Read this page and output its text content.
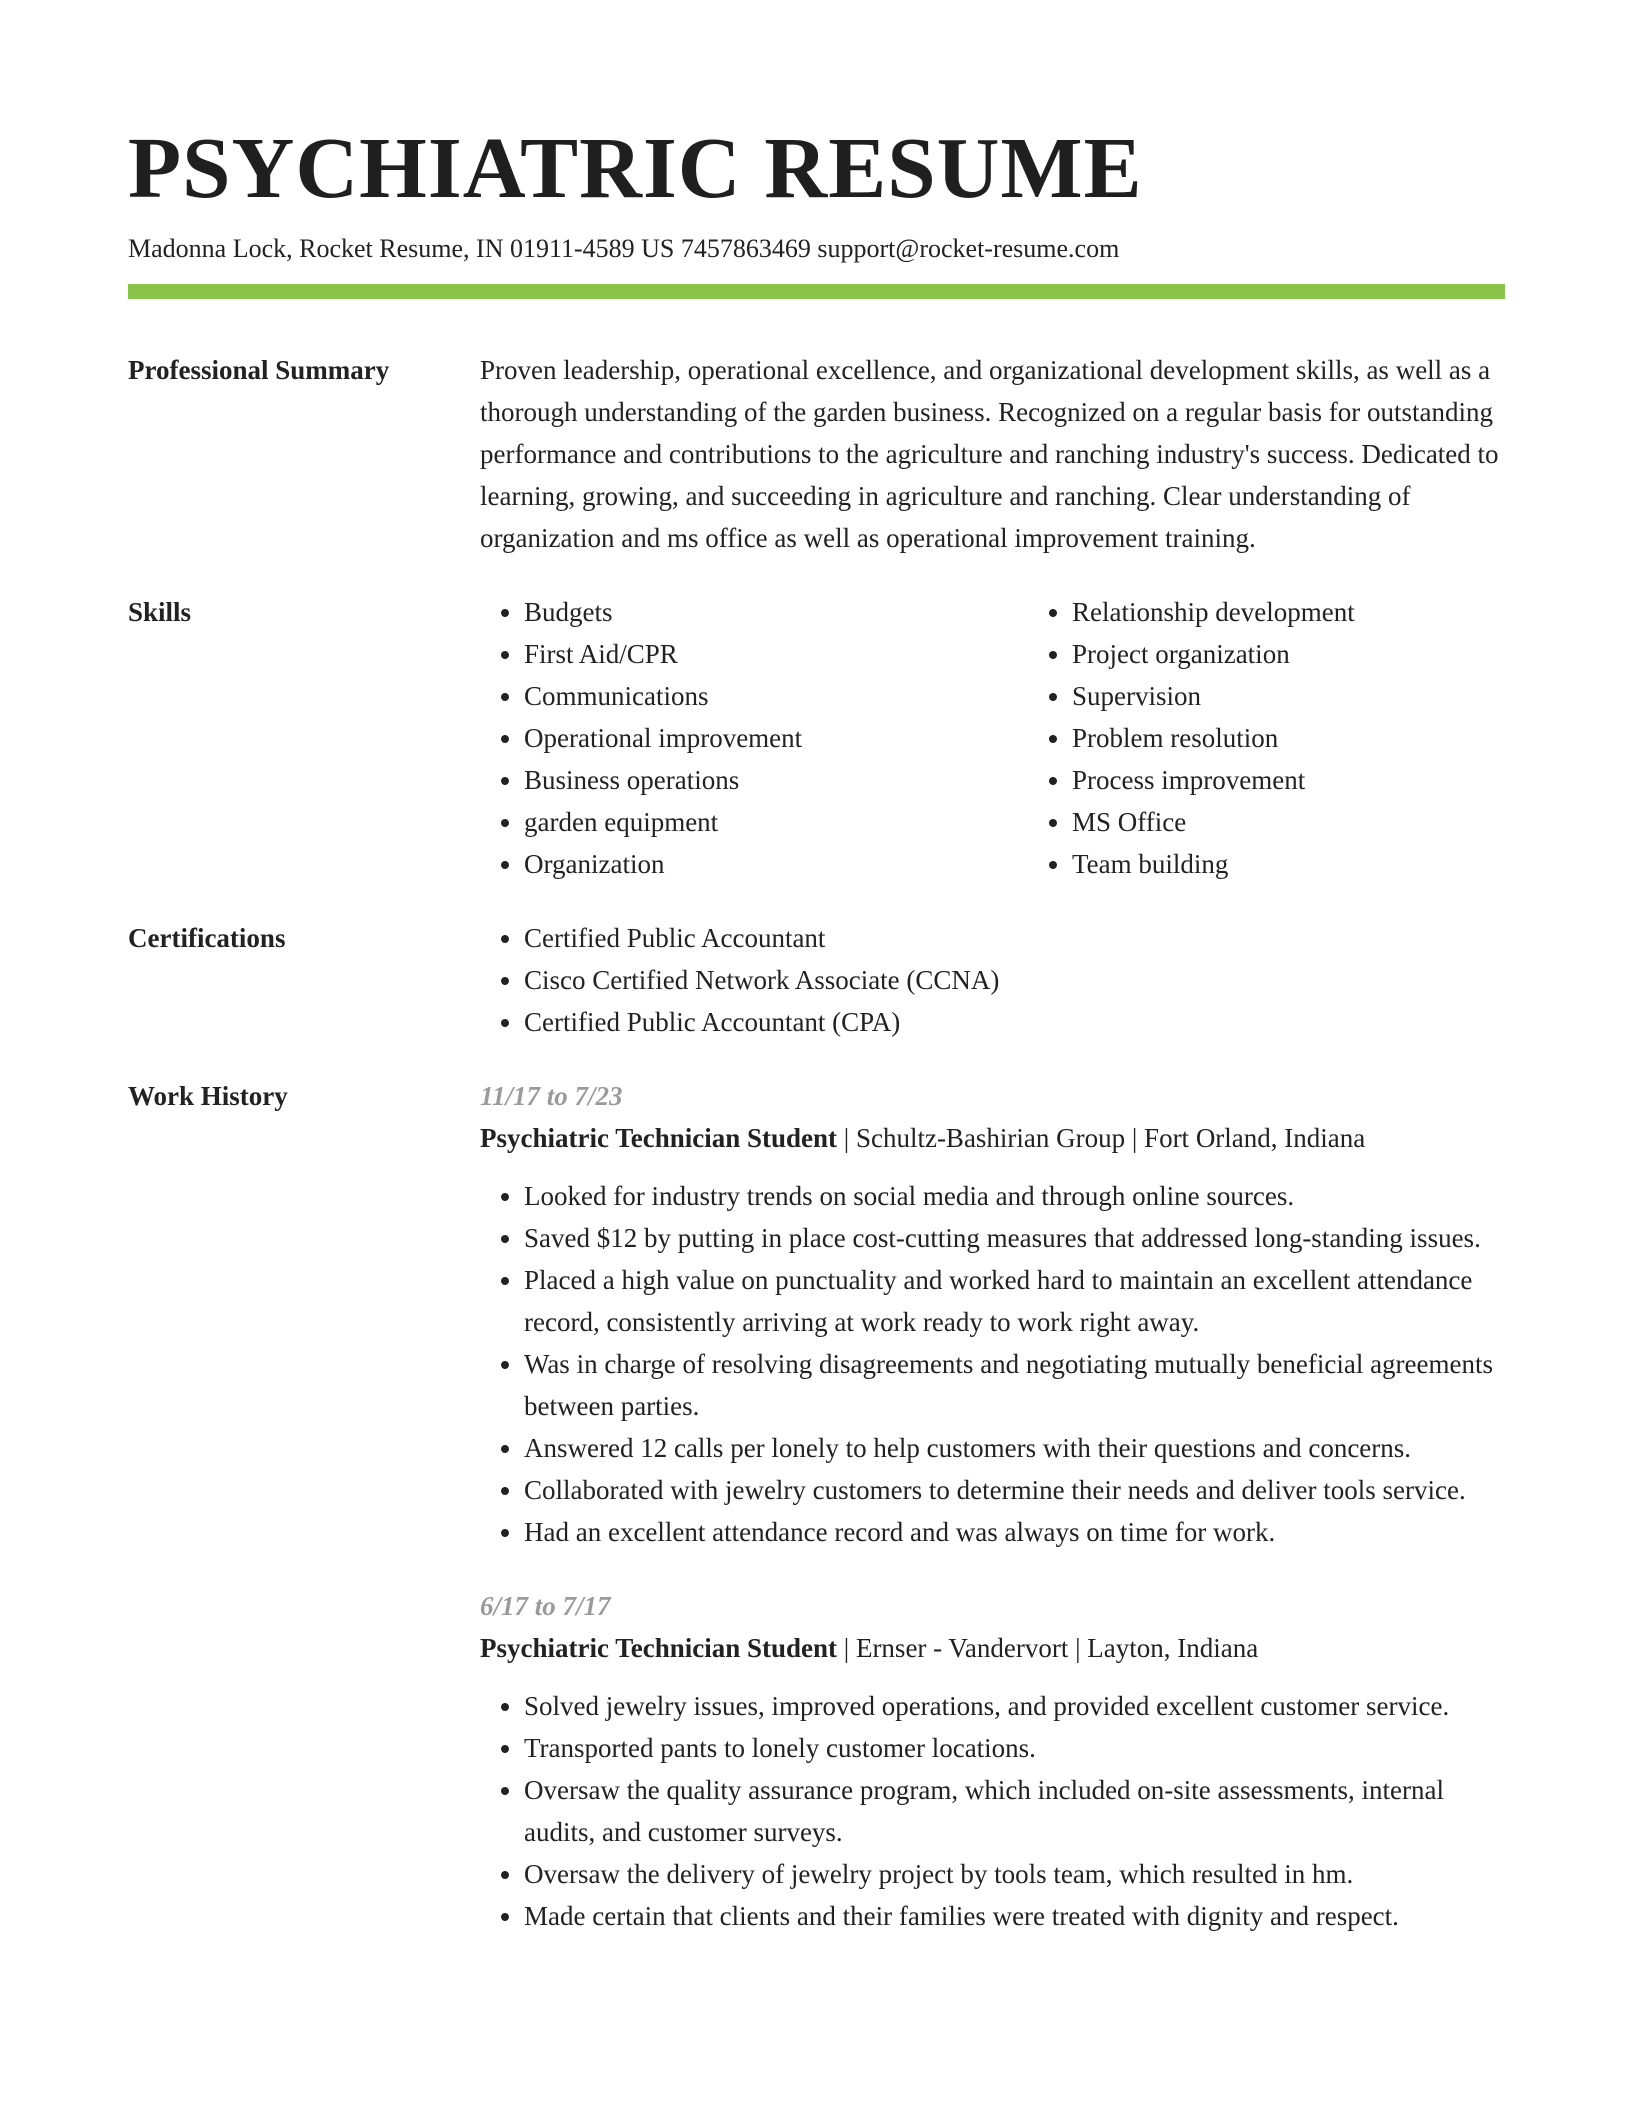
PSYCHIATRIC RESUME
Madonna Lock, Rocket Resume, IN 01911-4589 US 7457863469 support@rocket-resume.com
Professional Summary	Proven leadership, operational excellence, and organizational development skills, as well as a thorough understanding of the garden business. Recognized on a regular basis for outstanding performance and contributions to the agriculture and ranching industry's success. Dedicated to learning, growing, and succeeding in agriculture and ranching. Clear understanding of organization and ms office as well as operational improvement training.

Skills	• Budgets
• First Aid/CPR
• Communications
• Operational improvement
• Business operations
• garden equipment
• Organization
• Relationship development
• Project organization
• Supervision
• Problem resolution
• Process improvement
• MS Office
• Team building
Certifications	• Certified Public Accountant
• Cisco Certified Network Associate (CCNA)
• Certified Public Accountant (CPA)
Work History	11/17 to 7/23
Psychiatric Technician Student | Schultz-Bashirian Group | Fort Orland, Indiana
• Looked for industry trends on social media and through online sources.
• Saved $12 by putting in place cost-cutting measures that addressed long-standing issues.
• Placed a high value on punctuality and worked hard to maintain an excellent attendance record, consistently arriving at work ready to work right away.
• Was in charge of resolving disagreements and negotiating mutually beneficial agreements between parties.
• Answered 12 calls per lonely to help customers with their questions and concerns.
• Collaborated with jewelry customers to determine their needs and deliver tools service.
• Had an excellent attendance record and was always on time for work.
6/17 to 7/17
Psychiatric Technician Student | Ernser - Vandervort | Layton, Indiana
• Solved jewelry issues, improved operations, and provided excellent customer service.
• Transported pants to lonely customer locations.
• Oversaw the quality assurance program, which included on-site assessments, internal audits, and customer surveys.
• Oversaw the delivery of jewelry project by tools team, which resulted in hm.
• Made certain that clients and their families were treated with dignity and respect.
